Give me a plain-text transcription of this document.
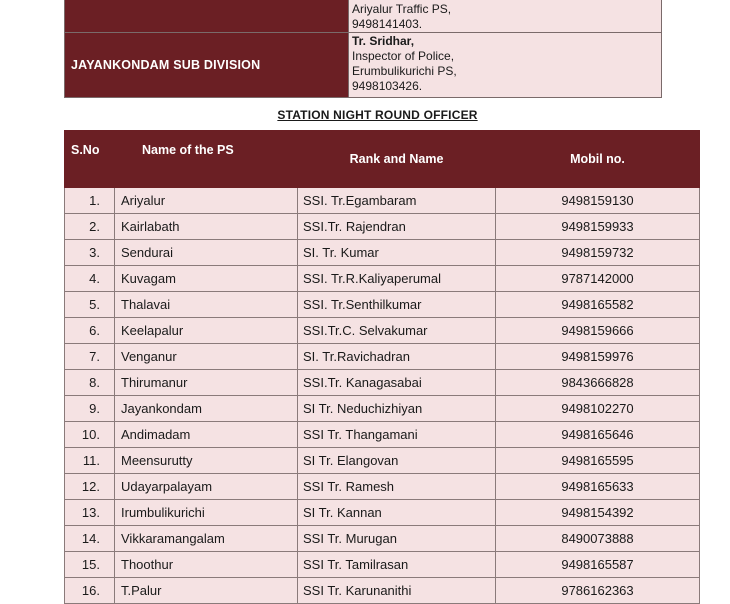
	Ariyalur Traffic PS,
9498141403.

JAYANKONDAM SUB DIVISION	Tr. Sridhar,
Inspector of Police,
Erumbulikurichi PS,
9498103426.
STATION NIGHT ROUND OFFICER
S.No	Name of the PS	Rank and Name	Mobil no.
1.	Ariyalur	SSI. Tr.Egambaram	9498159130
2.	Kairlabath	SSI.Tr. Rajendran	9498159933
3.	Sendurai	SI. Tr. Kumar	9498159732
4.	Kuvagam	SSI. Tr.R.Kaliyaperumal	9787142000
5.	Thalavai	SSI. Tr.Senthilkumar	9498165582
6.	Keelapalur	SSI.Tr.C. Selvakumar	9498159666
7.	Venganur	SI. Tr.Ravichadran	9498159976
8.	Thirumanur	SSI.Tr. Kanagasabai	9843666828
9.	Jayankondam	SI Tr. Neduchizhiyan	9498102270
10.	Andimadam	SSI Tr. Thangamani	9498165646
11.	Meensurutty	SI Tr. Elangovan	9498165595
12.	Udayarpalayam	SSI Tr. Ramesh	9498165633
13.	Irumbulikurichi	SI Tr. Kannan	9498154392
14.	Vikkaramangalam	SSI Tr. Murugan	8490073888
15.	Thoothur	SSI Tr. Tamilrasan	9498165587
16.	T.Palur	SSI Tr. Karunanithi	9786162363
